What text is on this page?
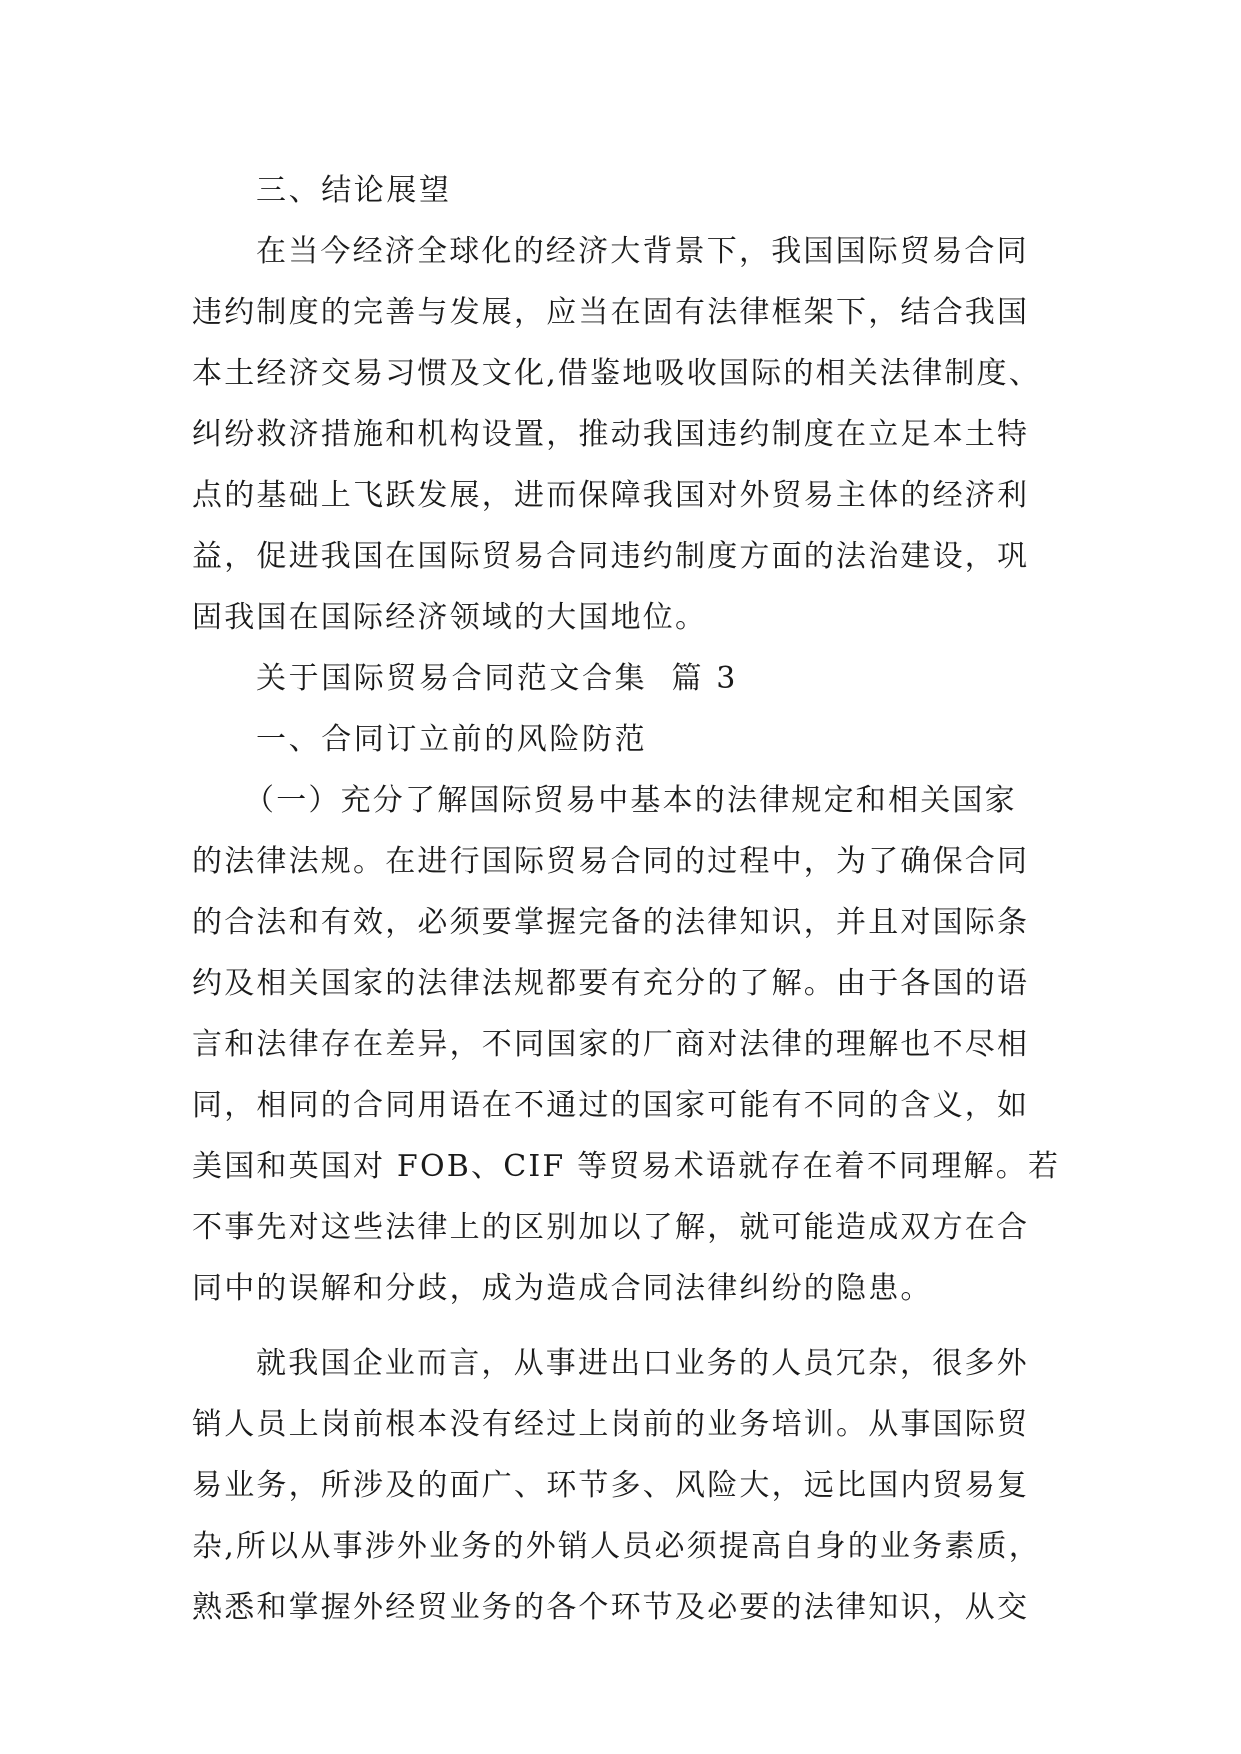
三、结论展望
在当今经济全球化的经济大背景下，我国国际贸易合同
违约制度的完善与发展，应当在固有法律框架下，结合我国
本土经济交易习惯及文化,借鉴地吸收国际的相关法律制度、
纠纷救济措施和机构设置，推动我国违约制度在立足本土特
点的基础上飞跃发展，进而保障我国对外贸易主体的经济利
益，促进我国在国际贸易合同违约制度方面的法治建设，巩
固我国在国际经济领域的大国地位。
关于国际贸易合同范文合集  篇 3
一、合同订立前的风险防范
（一）充分了解国际贸易中基本的法律规定和相关国家
的法律法规。在进行国际贸易合同的过程中，为了确保合同
的合法和有效，必须要掌握完备的法律知识，并且对国际条
约及相关国家的法律法规都要有充分的了解。由于各国的语
言和法律存在差异，不同国家的厂商对法律的理解也不尽相
同，相同的合同用语在不通过的国家可能有不同的含义，如
美国和英国对 FOB、CIF 等贸易术语就存在着不同理解。若
不事先对这些法律上的区别加以了解，就可能造成双方在合
同中的误解和分歧，成为造成合同法律纠纷的隐患。
就我国企业而言，从事进出口业务的人员冗杂，很多外
销人员上岗前根本没有经过上岗前的业务培训。从事国际贸
易业务，所涉及的面广、环节多、风险大，远比国内贸易复
杂,所以从事涉外业务的外销人员必须提高自身的业务素质，
熟悉和掌握外经贸业务的各个环节及必要的法律知识，从交
